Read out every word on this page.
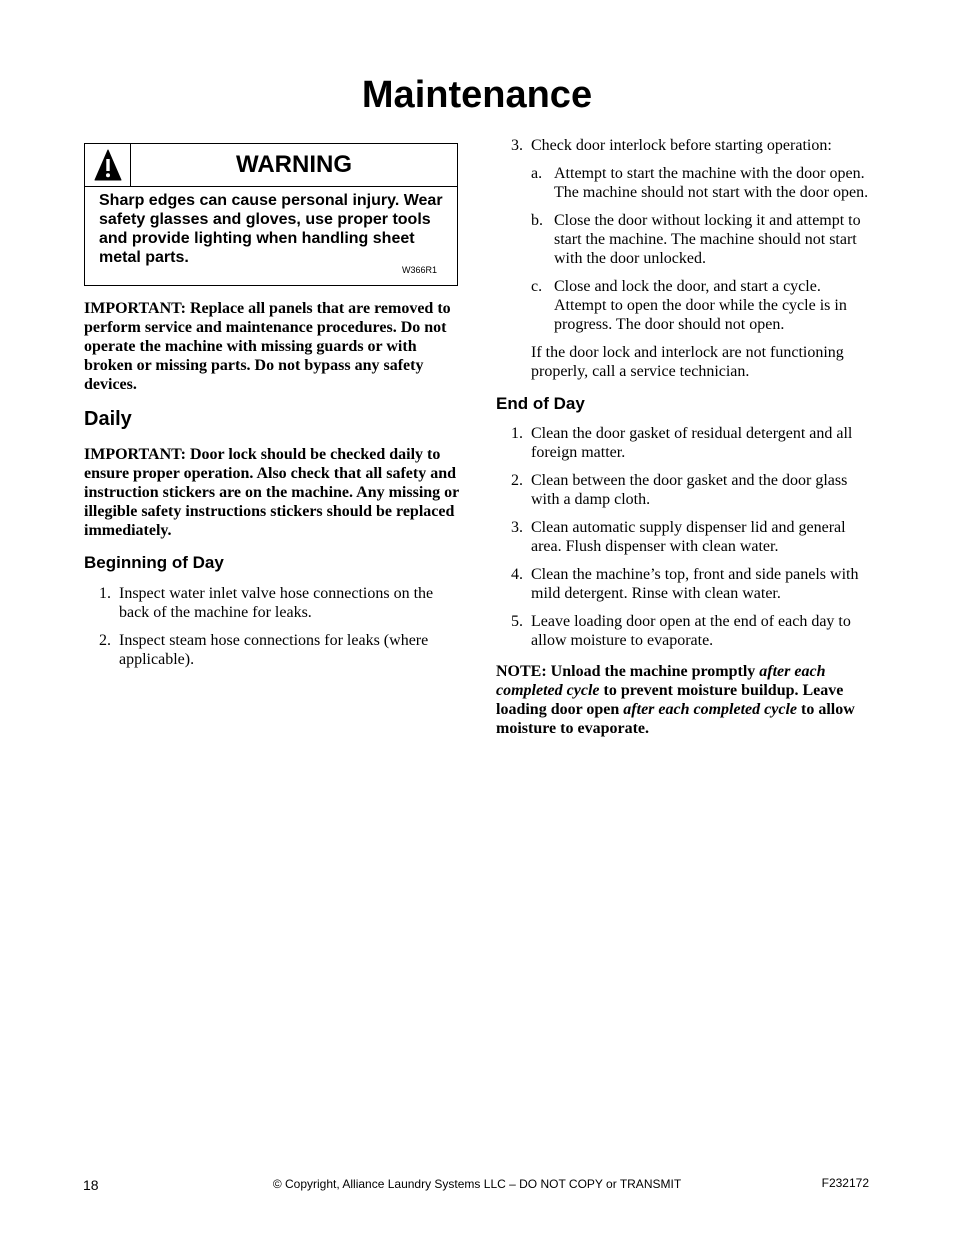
Maintenance
WARNING
Sharp edges can cause personal injury. Wear safety glasses and gloves, use proper tools and provide lighting when handling sheet metal parts.
W366R1

IMPORTANT: Replace all panels that are removed to perform service and maintenance procedures. Do not operate the machine with missing guards or with broken or missing parts. Do not bypass any safety devices.

Daily

IMPORTANT: Door lock should be checked daily to ensure proper operation. Also check that all safety and instruction stickers are on the machine. Any missing or illegible safety instructions stickers should be replaced immediately.

Beginning of Day
1. Inspect water inlet valve hose connections on the back of the machine for leaks.
2. Inspect steam hose connections for leaks (where applicable).
3. Check door interlock before starting operation:
a. Attempt to start the machine with the door open. The machine should not start with the door open.
b. Close the door without locking it and attempt to start the machine. The machine should not start with the door unlocked.
c. Close and lock the door, and start a cycle. Attempt to open the door while the cycle is in progress. The door should not open.

If the door lock and interlock are not functioning properly, call a service technician.

End of Day
1. Clean the door gasket of residual detergent and all foreign matter.
2. Clean between the door gasket and the door glass with a damp cloth.
3. Clean automatic supply dispenser lid and general area. Flush dispenser with clean water.
4. Clean the machine’s top, front and side panels with mild detergent. Rinse with clean water.
5. Leave loading door open at the end of each day to allow moisture to evaporate.

NOTE: Unload the machine promptly after each completed cycle to prevent moisture buildup. Leave loading door open after each completed cycle to allow moisture to evaporate.

18	© Copyright, Alliance Laundry Systems LLC – DO NOT COPY or TRANSMIT	F232172
